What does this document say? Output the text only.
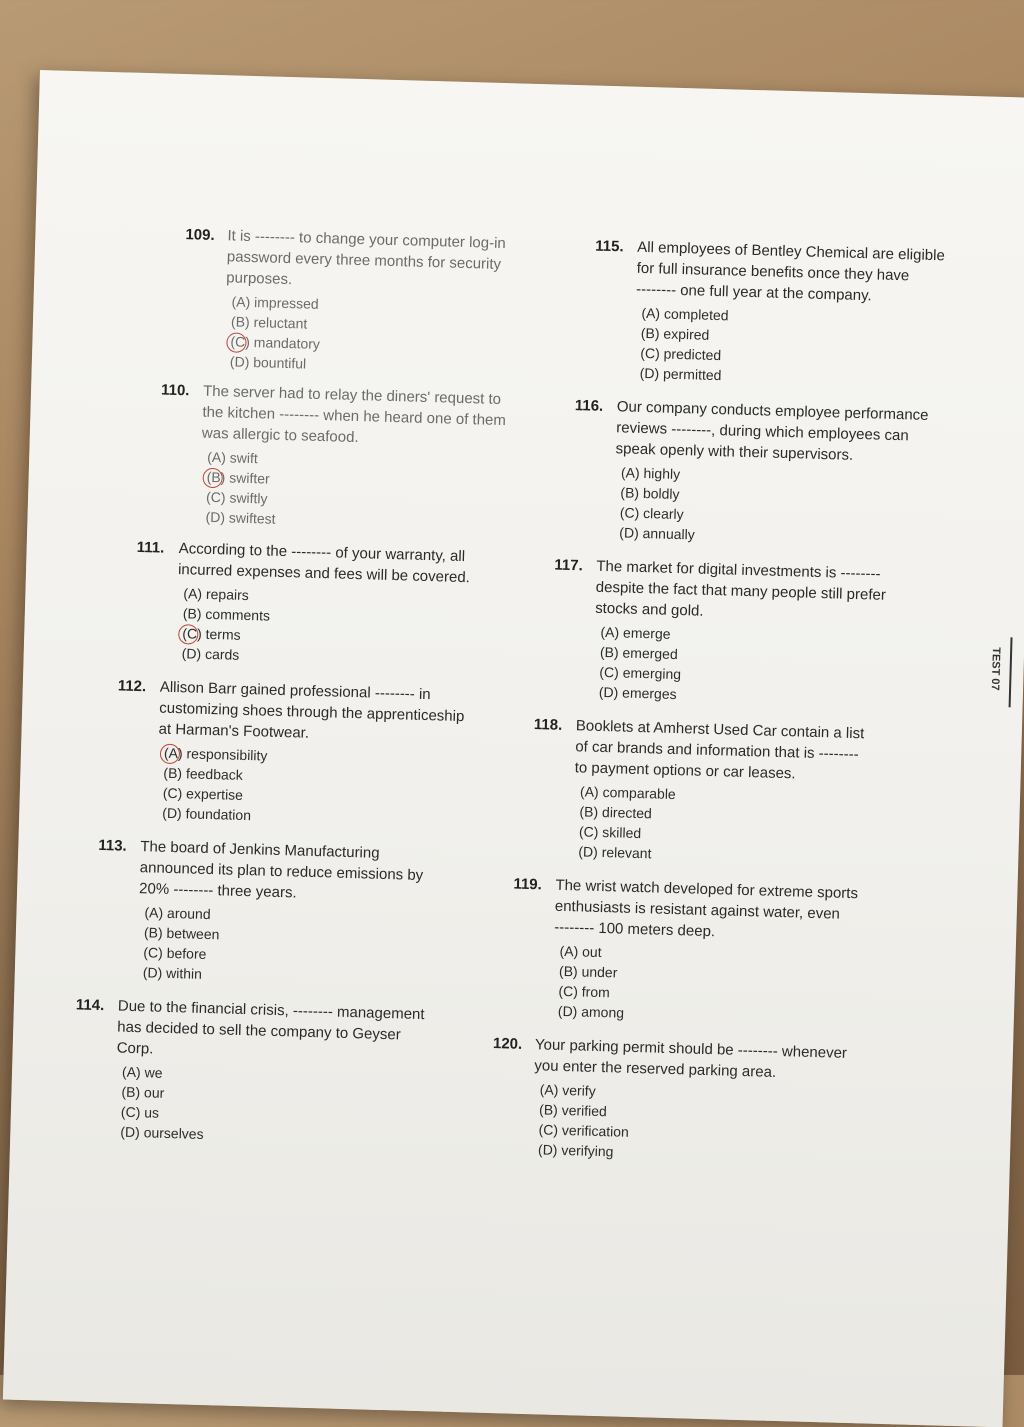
109. It is -------- to change your computer log-in
password every three months for security
purposes.
(A) impressed
(B) reluctant
(C) mandatory
(D) bountiful
110. The server had to relay the diners' request to
the kitchen -------- when he heard one of them
was allergic to seafood.
(A) swift
(B) swifter
(C) swiftly
(D) swiftest
111. According to the -------- of your warranty, all
incurred expenses and fees will be covered.
(A) repairs
(B) comments
(C) terms
(D) cards
112. Allison Barr gained professional -------- in
customizing shoes through the apprenticeship
at Harman's Footwear.
(A) responsibility
(B) feedback
(C) expertise
(D) foundation
113. The board of Jenkins Manufacturing
announced its plan to reduce emissions by
20% -------- three years.
(A) around
(B) between
(C) before
(D) within
114. Due to the financial crisis, -------- management
has decided to sell the company to Geyser
Corp.
(A) we
(B) our
(C) us
(D) ourselves
115. All employees of Bentley Chemical are eligible
for full insurance benefits once they have
-------- one full year at the company.
(A) completed
(B) expired
(C) predicted
(D) permitted
116. Our company conducts employee performance
reviews --------, during which employees can
speak openly with their supervisors.
(A) highly
(B) boldly
(C) clearly
(D) annually
117. The market for digital investments is --------
despite the fact that many people still prefer
stocks and gold.
(A) emerge
(B) emerged
(C) emerging
(D) emerges
118. Booklets at Amherst Used Car contain a list
of car brands and information that is --------
to payment options or car leases.
(A) comparable
(B) directed
(C) skilled
(D) relevant
119. The wrist watch developed for extreme sports
enthusiasts is resistant against water, even
-------- 100 meters deep.
(A) out
(B) under
(C) from
(D) among
120. Your parking permit should be -------- whenever
you enter the reserved parking area.
(A) verify
(B) verified
(C) verification
(D) verifying
TEST 07
